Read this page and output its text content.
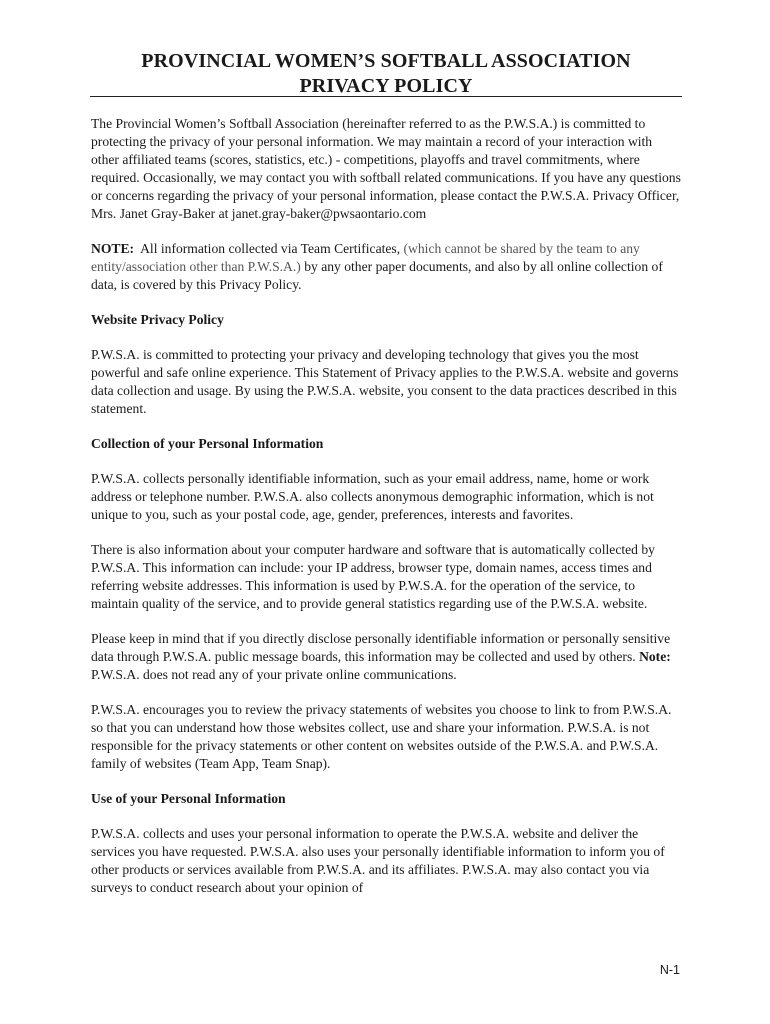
PROVINCIAL WOMEN’S SOFTBALL ASSOCIATION
PRIVACY POLICY

The Provincial Women’s Softball Association (hereinafter referred to as the P.W.S.A.) is committed to protecting the privacy of your personal information. We may maintain a record of your interaction with other affiliated teams (scores, statistics, etc.) - competitions, playoffs and travel commitments, where required. Occasionally, we may contact you with softball related communications. If you have any questions or concerns regarding the privacy of your personal information, please contact the P.W.S.A. Privacy Officer, Mrs. Janet Gray-Baker at janet.gray-baker@pwsaontario.com

NOTE: All information collected via Team Certificates, (which cannot be shared by the team to any entity/association other than P.W.S.A.) by any other paper documents, and also by all online collection of data, is covered by this Privacy Policy.

Website Privacy Policy

P.W.S.A. is committed to protecting your privacy and developing technology that gives you the most powerful and safe online experience. This Statement of Privacy applies to the P.W.S.A. website and governs data collection and usage. By using the P.W.S.A. website, you consent to the data practices described in this statement.

Collection of your Personal Information

P.W.S.A. collects personally identifiable information, such as your email address, name, home or work address or telephone number. P.W.S.A. also collects anonymous demographic information, which is not unique to you, such as your postal code, age, gender, preferences, interests and favorites.

There is also information about your computer hardware and software that is automatically collected by P.W.S.A. This information can include: your IP address, browser type, domain names, access times and referring website addresses. This information is used by P.W.S.A. for the operation of the service, to maintain quality of the service, and to provide general statistics regarding use of the P.W.S.A. website.

Please keep in mind that if you directly disclose personally identifiable information or personally sensitive data through P.W.S.A. public message boards, this information may be collected and used by others. Note: P.W.S.A. does not read any of your private online communications.

P.W.S.A. encourages you to review the privacy statements of websites you choose to link to from P.W.S.A. so that you can understand how those websites collect, use and share your information. P.W.S.A. is not responsible for the privacy statements or other content on websites outside of the P.W.S.A. and P.W.S.A. family of websites (Team App, Team Snap).

Use of your Personal Information

P.W.S.A. collects and uses your personal information to operate the P.W.S.A. website and deliver the services you have requested. P.W.S.A. also uses your personally identifiable information to inform you of other products or services available from P.W.S.A. and its affiliates. P.W.S.A. may also contact you via surveys to conduct research about your opinion of

N-1
